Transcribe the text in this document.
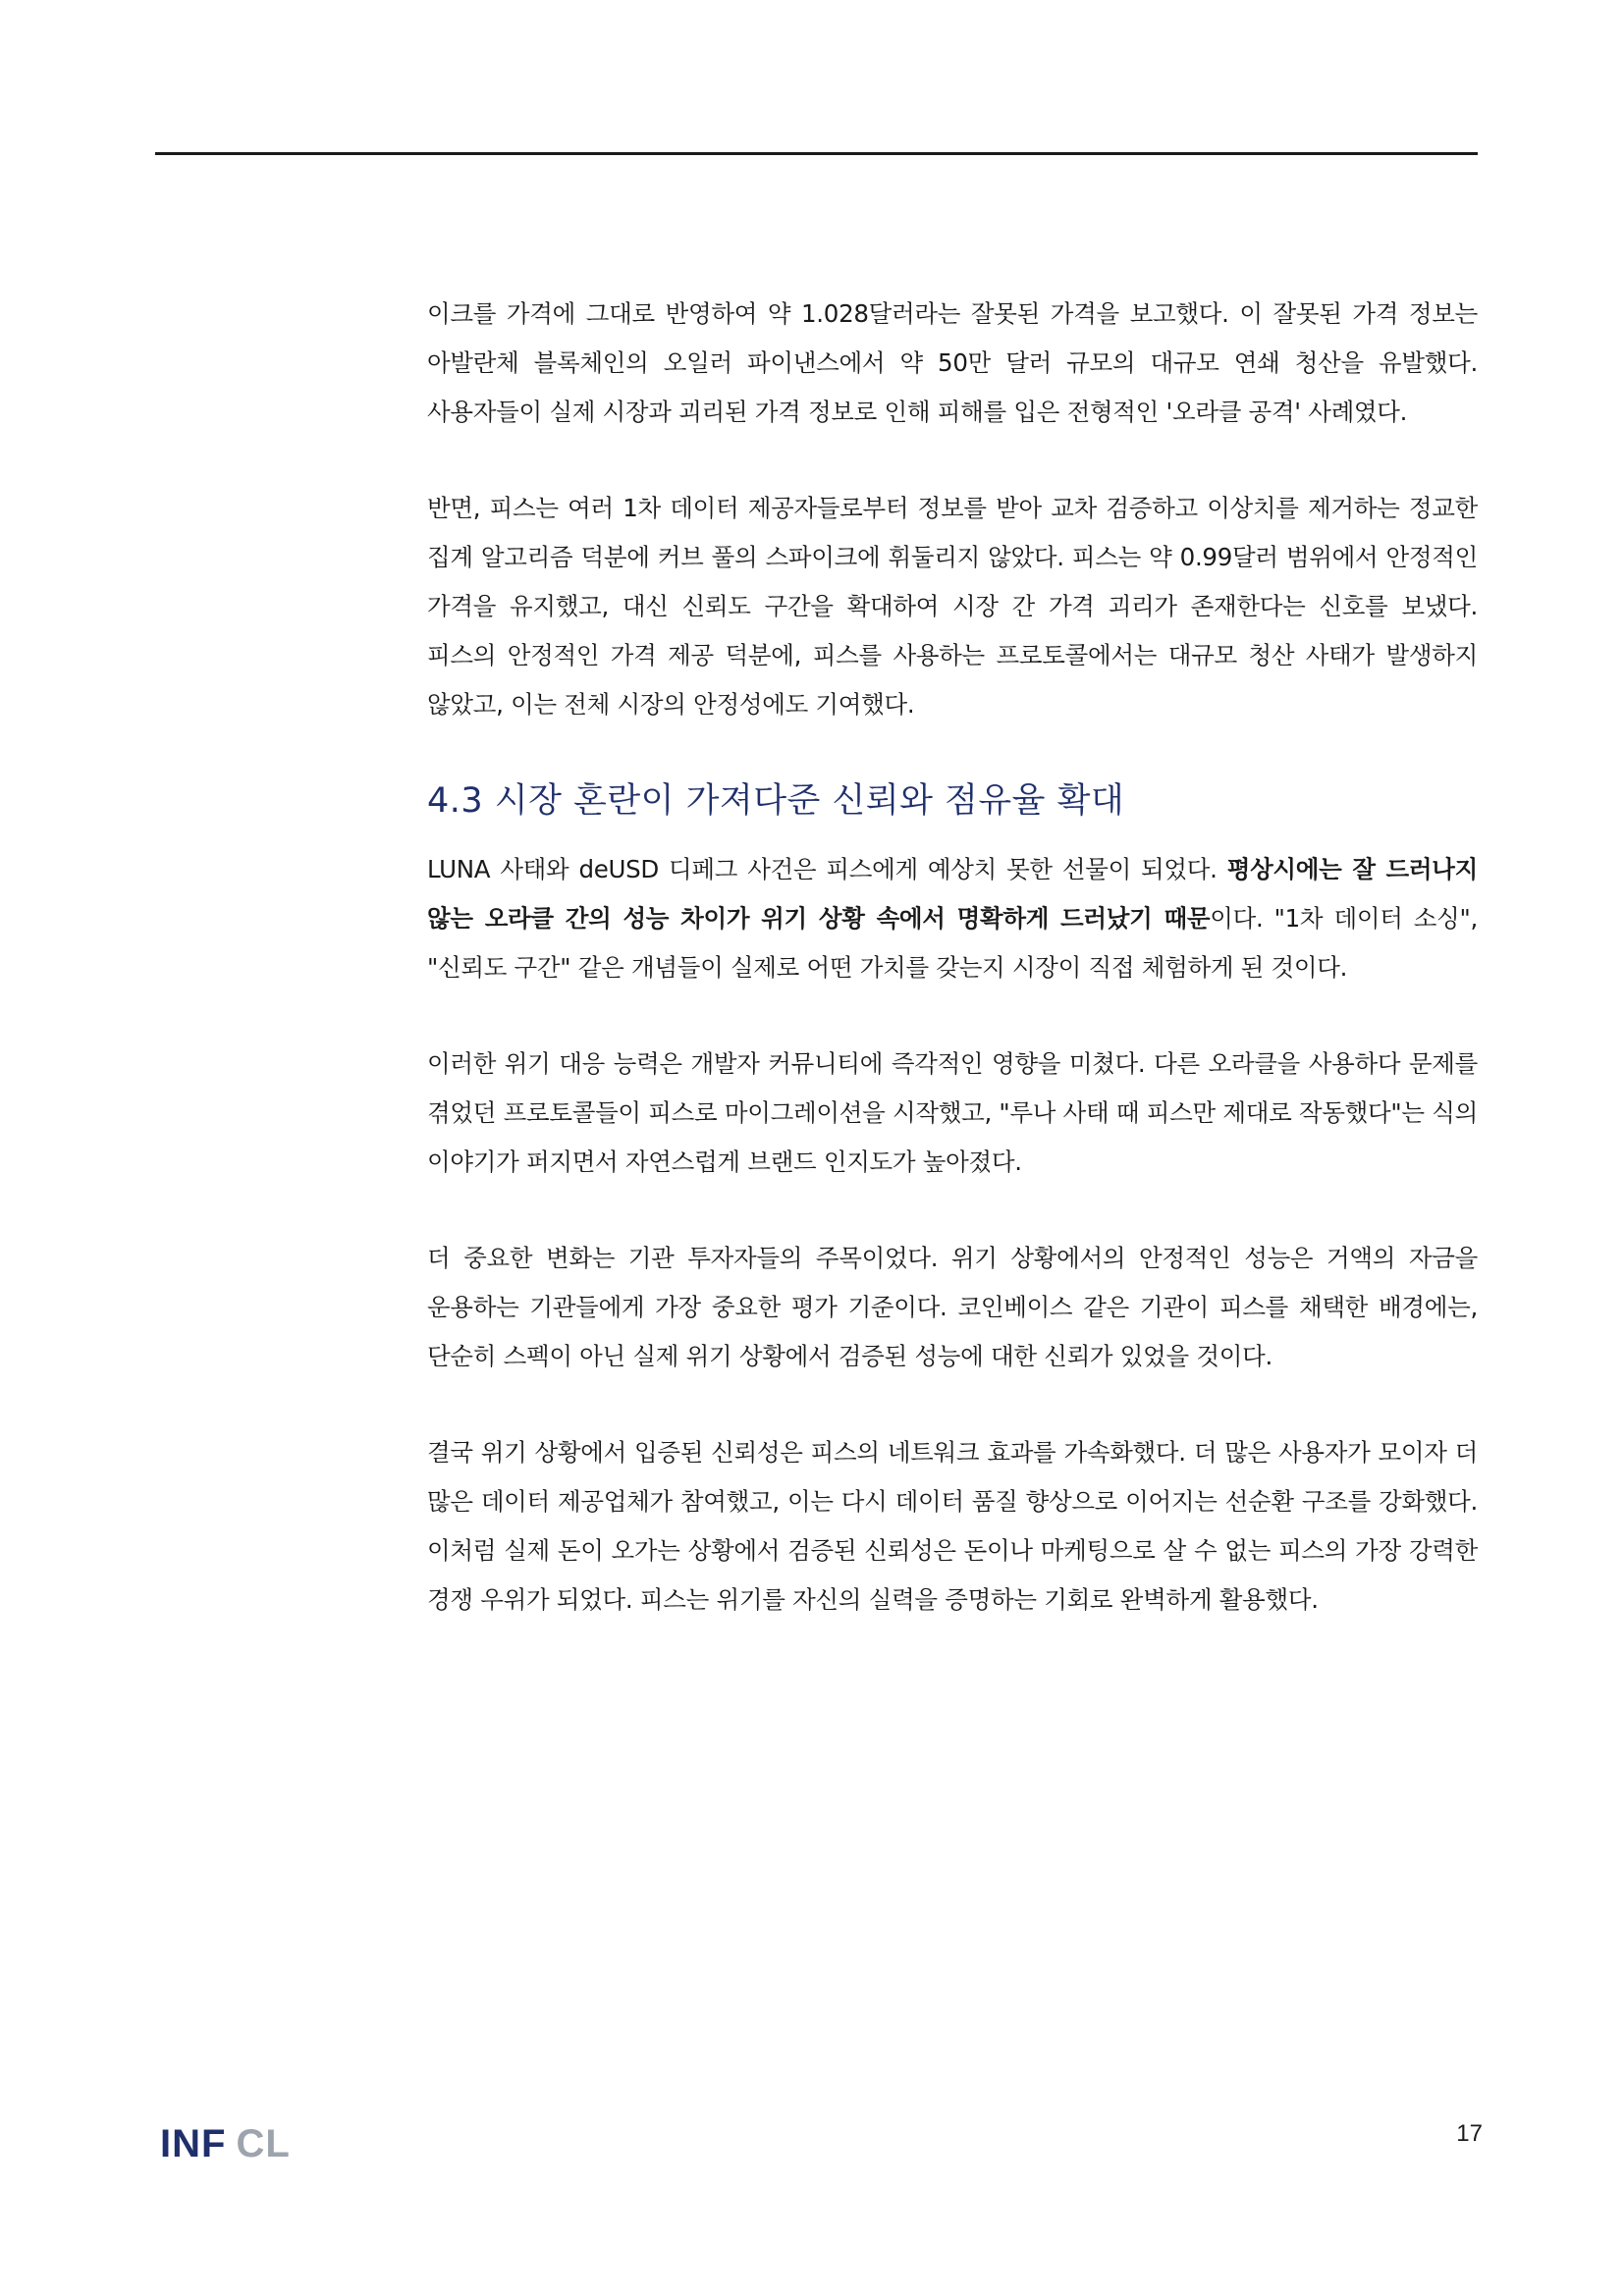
이크를 가격에 그대로 반영하여 약 1.028달러라는 잘못된 가격을 보고했다. 이 잘못된 가격 정보는 아발란체 블록체인의 오일러 파이낸스에서 약 50만 달러 규모의 대규모 연쇄 청산을 유발했다. 사용자들이 실제 시장과 괴리된 가격 정보로 인해 피해를 입은 전형적인 '오라클 공격' 사례였다.

반면, 피스는 여러 1차 데이터 제공자들로부터 정보를 받아 교차 검증하고 이상치를 제거하는 정교한 집계 알고리즘 덕분에 커브 풀의 스파이크에 휘둘리지 않았다. 피스는 약 0.99달러 범위에서 안정적인 가격을 유지했고, 대신 신뢰도 구간을 확대하여 시장 간 가격 괴리가 존재한다는 신호를 보냈다. 피스의 안정적인 가격 제공 덕분에, 피스를 사용하는 프로토콜에서는 대규모 청산 사태가 발생하지 않았고, 이는 전체 시장의 안정성에도 기여했다.

4.3 시장 혼란이 가져다준 신뢰와 점유율 확대

LUNA 사태와 deUSD 디페그 사건은 피스에게 예상치 못한 선물이 되었다. 평상시에는 잘 드러나지 않는 오라클 간의 성능 차이가 위기 상황 속에서 명확하게 드러났기 때문이다. "1차 데이터 소싱", "신뢰도 구간" 같은 개념들이 실제로 어떤 가치를 갖는지 시장이 직접 체험하게 된 것이다.

이러한 위기 대응 능력은 개발자 커뮤니티에 즉각적인 영향을 미쳤다. 다른 오라클을 사용하다 문제를 겪었던 프로토콜들이 피스로 마이그레이션을 시작했고, "루나 사태 때 피스만 제대로 작동했다"는 식의 이야기가 퍼지면서 자연스럽게 브랜드 인지도가 높아졌다.

더 중요한 변화는 기관 투자자들의 주목이었다. 위기 상황에서의 안정적인 성능은 거액의 자금을 운용하는 기관들에게 가장 중요한 평가 기준이다. 코인베이스 같은 기관이 피스를 채택한 배경에는, 단순히 스펙이 아닌 실제 위기 상황에서 검증된 성능에 대한 신뢰가 있었을 것이다.

결국 위기 상황에서 입증된 신뢰성은 피스의 네트워크 효과를 가속화했다. 더 많은 사용자가 모이자 더 많은 데이터 제공업체가 참여했고, 이는 다시 데이터 품질 향상으로 이어지는 선순환 구조를 강화했다. 이처럼 실제 돈이 오가는 상황에서 검증된 신뢰성은 돈이나 마케팅으로 살 수 없는 피스의 가장 강력한 경쟁 우위가 되었다. 피스는 위기를 자신의 실력을 증명하는 기회로 완벽하게 활용했다.

INF CL	17
